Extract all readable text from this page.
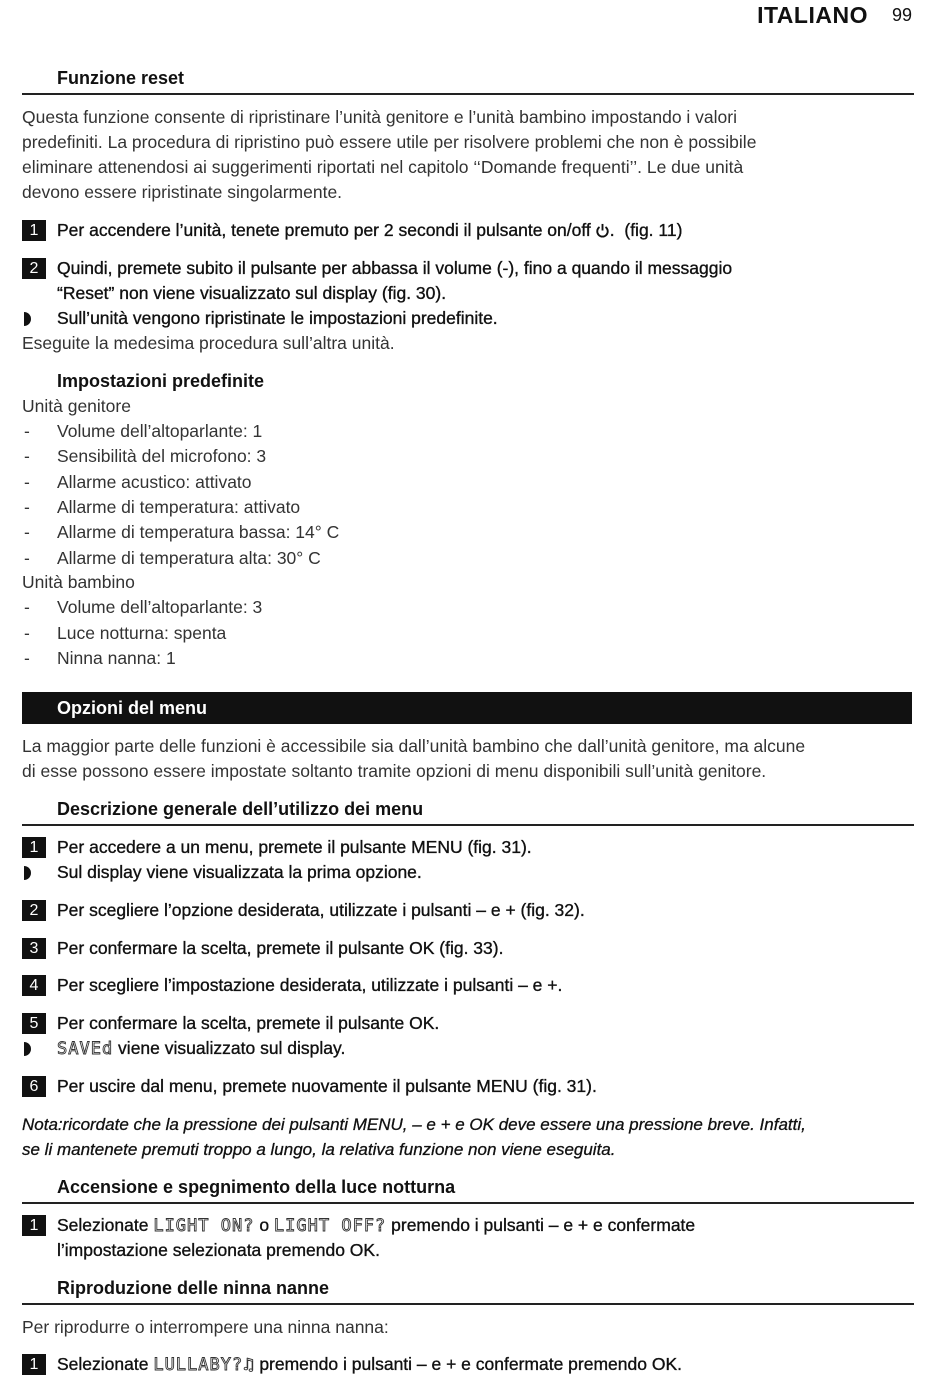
ITALIANO 99
Funzione reset
Questa funzione consente di ripristinare l’unità genitore e l’unità bambino impostando i valori
predefiniti. La procedura di ripristino può essere utile per risolvere problemi che non è possibile
eliminare attenendosi ai suggerimenti riportati nel capitolo ‘‘Domande frequenti’’. Le due unità
devono essere ripristinate singolarmente.
1	Per accendere l’unità, tenete premuto per 2 secondi il pulsante on/off .  (fig. 11)
2	Quindi, premete subito il pulsante per abbassa il volume (-), fino a quando il messaggio
“Reset” non viene visualizzato sul display (fig. 30).
Sull’unità vengono ripristinate le impostazioni predefinite.
Eseguite la medesima procedura sull’altra unità.
Impostazioni predefinite
Unità genitore
- Volume dell’altoparlante: 1
- Sensibilità del microfono: 3
- Allarme acustico: attivato
- Allarme di temperatura: attivato
- Allarme di temperatura bassa: 14° C
- Allarme di temperatura alta: 30° C
Unità bambino
- Volume dell’altoparlante: 3
- Luce notturna: spenta
- Ninna nanna: 1
Opzioni del menu
La maggior parte delle funzioni è accessibile sia dall’unità bambino che dall’unità genitore, ma alcune
di esse possono essere impostate soltanto tramite opzioni di menu disponibili sull’unità genitore.
Descrizione generale dell’utilizzo dei menu
1	Per accedere a un menu, premete il pulsante MENU (fig. 31).
Sul display viene visualizzata la prima opzione.
2	Per scegliere l’opzione desiderata, utilizzate i pulsanti – e + (fig. 32).
3	Per confermare la scelta, premete il pulsante OK (fig. 33).
4	Per scegliere l’impostazione desiderata, utilizzate i pulsanti – e +.
5	Per confermare la scelta, premete il pulsante OK.
SAVEd viene visualizzato sul display.
6	Per uscire dal menu, premete nuovamente il pulsante MENU (fig. 31).
Nota:ricordate che la pressione dei pulsanti MENU, – e + e OK deve essere una pressione breve. Infatti,
se li mantenete premuti troppo a lungo, la relativa funzione non viene eseguita.
Accensione e spegnimento della luce notturna
1	Selezionate LIGHT ON? o LIGHT OFF? premendo i pulsanti – e + e confermate
l’impostazione selezionata premendo OK.
Riproduzione delle ninna nanne
Per riprodurre o interrompere una ninna nanna:
1	Selezionate LULLABY?♫ premendo i pulsanti – e + e confermate premendo OK.
